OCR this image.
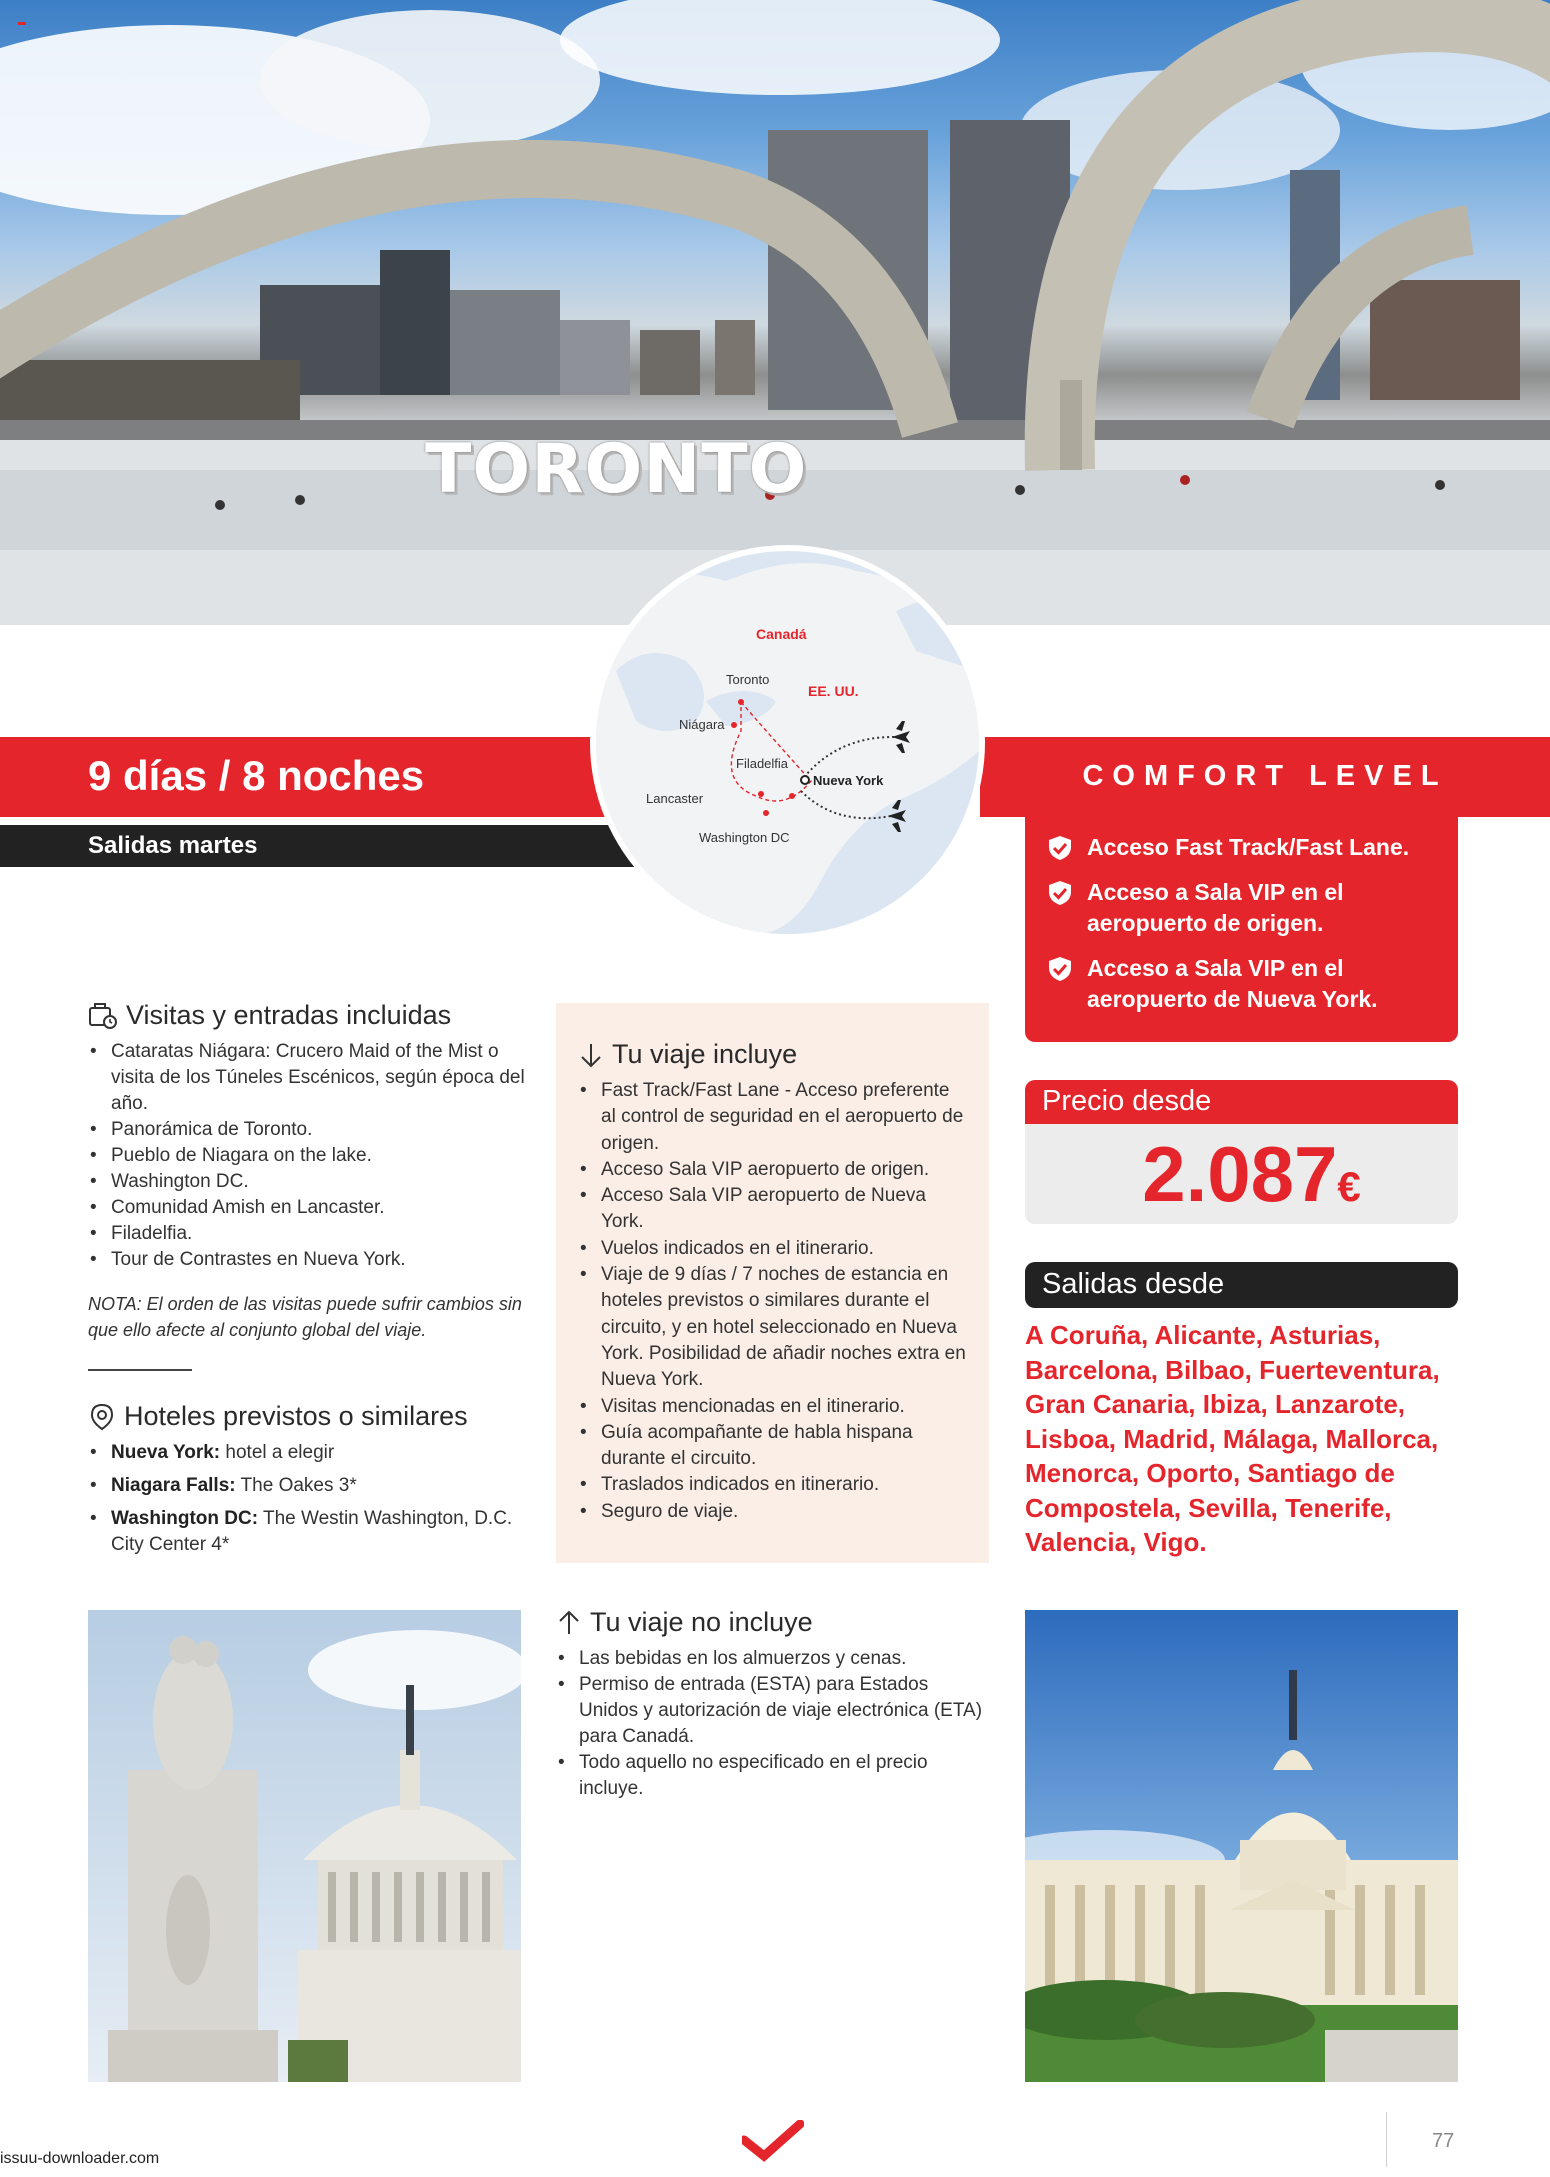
TORONTO
9 días / 8 noches
Salidas martes
COMFORT LEVEL
Acceso Fast Track/Fast Lane.
Acceso a Sala VIP en el aeropuerto de origen.
Acceso a Sala VIP en el aeropuerto de Nueva York.
Canadá
EE. UU.
Toronto
Niágara
Filadelfia
Nueva York
Lancaster
Washington DC
Visitas y entradas incluidas
• Cataratas Niágara: Crucero Maid of the Mist o visita de los Túneles Escénicos, según época del año.
• Panorámica de Toronto.
• Pueblo de Niagara on the lake.
• Washington DC.
• Comunidad Amish en Lancaster.
• Filadelfia.
• Tour de Contrastes en Nueva York.

NOTA: El orden de las visitas puede sufrir cambios sin que ello afecte al conjunto global del viaje.

Hoteles previstos o similares
• Nueva York: hotel a elegir
• Niagara Falls: The Oakes 3*
• Washington DC: The Westin Washington, D.C. City Center 4*
Tu viaje incluye
• Fast Track/Fast Lane - Acceso preferente al control de seguridad en el aeropuerto de origen.
• Acceso Sala VIP aeropuerto de origen.
• Acceso Sala VIP aeropuerto de Nueva York.
• Vuelos indicados en el itinerario.
• Viaje de 9 días / 7 noches de estancia en hoteles previstos o similares durante el circuito, y en hotel seleccionado en Nueva York. Posibilidad de añadir noches extra en Nueva York.
• Visitas mencionadas en el itinerario.
• Guía acompañante de habla hispana durante el circuito.
• Traslados indicados en itinerario.
• Seguro de viaje.
Tu viaje no incluye
• Las bebidas en los almuerzos y cenas.
• Permiso de entrada (ESTA) para Estados Unidos y autorización de viaje electrónica (ETA) para Canadá.
• Todo aquello no especificado en el precio incluye.
Precio desde
2.087€
Salidas desde
A Coruña, Alicante, Asturias, Barcelona, Bilbao, Fuerteventura, Gran Canaria, Ibiza, Lanzarote, Lisboa, Madrid, Málaga, Mallorca, Menorca, Oporto, Santiago de Compostela, Sevilla, Tenerife, Valencia, Vigo.
issuu-downloader.com
77
